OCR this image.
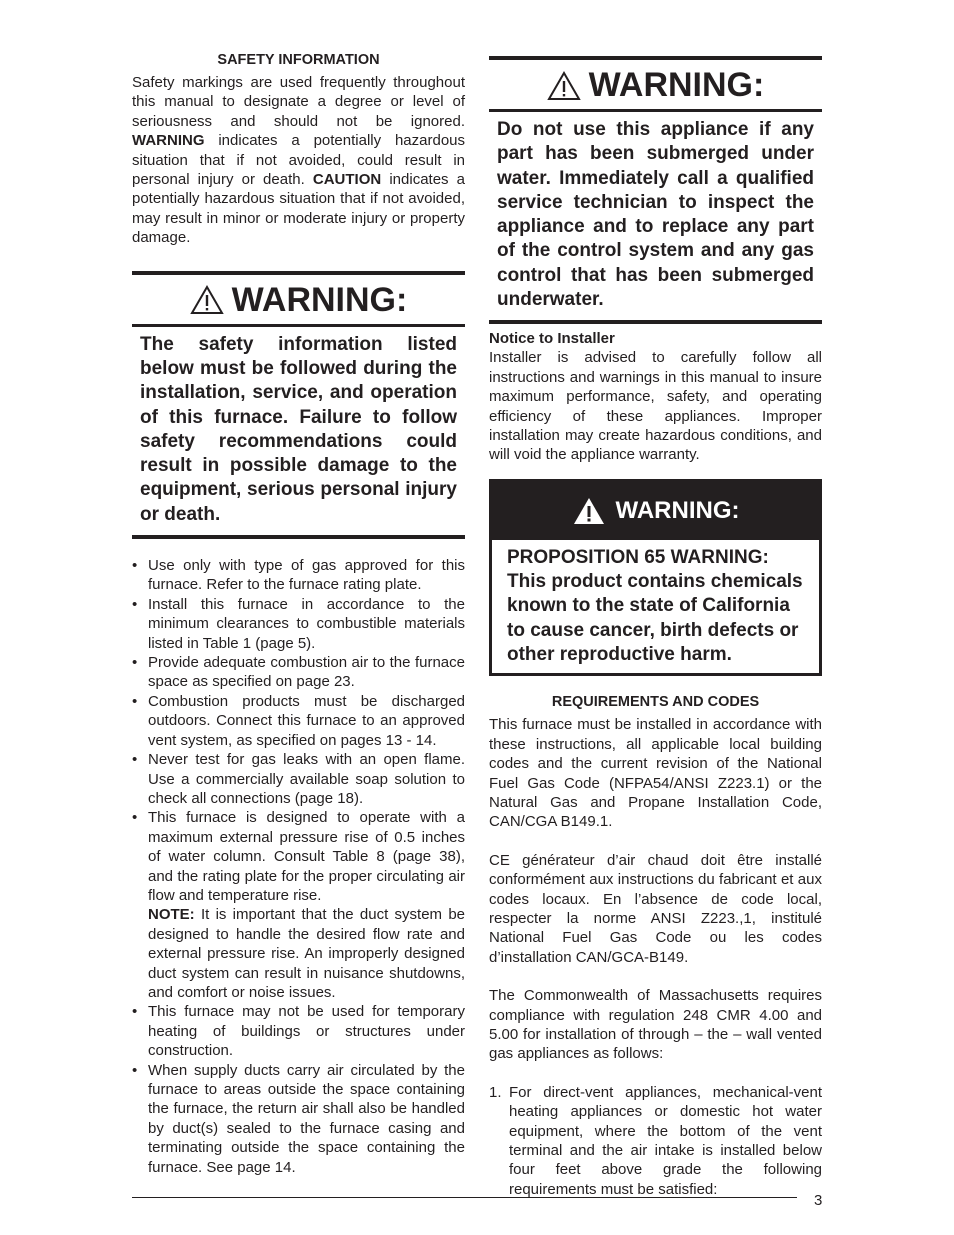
SAFETY INFORMATION

Safety markings are used frequently throughout this manual to designate a degree or level of seriousness and should not be ignored. WARNING indicates a potentially hazardous situation that if not avoided, could result in personal injury or death. CAUTION indicates a potentially hazardous situation that if not avoided, may result in minor or moderate injury or property damage.

WARNING:
The safety information listed below must be followed during the installation, service, and operation of this furnace. Failure to follow safety recommendations could result in possible damage to the equipment, serious personal injury or death.
• Use only with type of gas approved for this furnace. Refer to the furnace rating plate.
• Install this furnace in accordance to the minimum clearances to combustible materials listed in Table 1 (page 5).
• Provide adequate combustion air to the furnace space as specified on page 23.
• Combustion products must be discharged outdoors. Connect this furnace to an approved vent system, as specified on pages 13 - 14.
• Never test for gas leaks with an open flame. Use a commercially available soap solution to check all connections (page 18).
• This furnace is designed to operate with a maximum external pressure rise of 0.5 inches of water column. Consult Table 8 (page 38), and the rating plate for the proper circulating air flow and temperature rise.
NOTE: It is important that the duct system be designed to handle the desired flow rate and external pressure rise. An improperly designed duct system can result in nuisance shutdowns, and comfort or noise issues.
• This furnace may not be used for temporary heating of buildings or structures under construction.
• When supply ducts carry air circulated by the furnace to areas outside the space containing the furnace, the return air shall also be handled by duct(s) sealed to the furnace casing and terminating outside the space containing the furnace. See page 14.
WARNING:
Do not use this appliance if any part has been submerged under water. Immediately call a qualified service technician to inspect the appliance and to replace any part of the control system and any gas control that has been submerged underwater.
Notice to Installer

Installer is advised to carefully follow all instructions and warnings in this manual to insure maximum performance, safety, and operating efficiency of these appliances. Improper installation may create hazardous conditions, and will void the appliance warranty.

WARNING:
PROPOSITION 65 WARNING: This product contains chemicals known to the state of California to cause cancer, birth defects or other reproductive harm.
REQUIREMENTS AND CODES

This furnace must be installed in accordance with these instructions, all applicable local building codes and the current revision of the National Fuel Gas Code (NFPA54/ANSI Z223.1) or the Natural Gas and Propane Installation Code, CAN/CGA B149.1.

CE générateur d’air chaud doit être installé conformément aux instructions du fabricant et aux codes locaux. En l’absence de code local, respecter la norme ANSI Z223.,1, institulé National Fuel Gas Code ou les codes d’installation CAN/GCA-B149.

The Commonwealth of Massachusetts requires compliance with regulation 248 CMR 4.00 and 5.00 for installation of through – the – wall vented gas appliances as follows:

1. For direct-vent appliances, mechanical-vent heating appliances or domestic hot water equipment, where the bottom of the vent terminal and the air intake is installed below four feet above grade the following requirements must be satisfied:
3
